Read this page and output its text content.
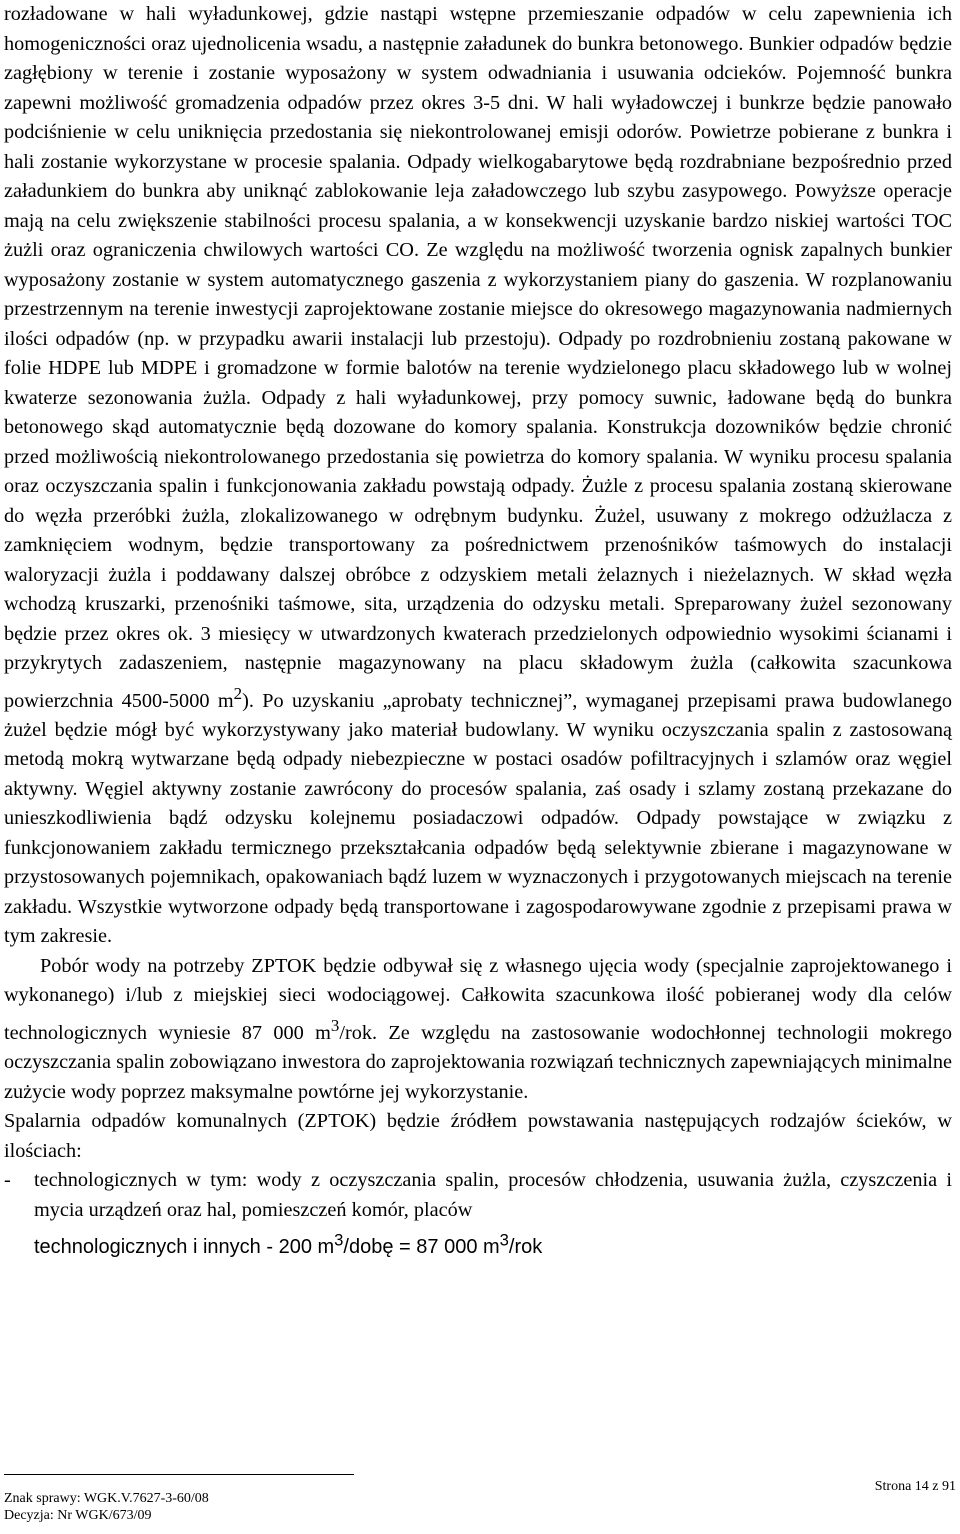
rozładowane w hali wyładunkowej, gdzie nastąpi wstępne przemieszanie odpadów w celu zapewnienia ich homogeniczności oraz ujednolicenia wsadu, a następnie załadunek do bunkra betonowego. Bunkier odpadów będzie zagłębiony w terenie i zostanie wyposażony w system odwadniania i usuwania odcieków. Pojemność bunkra zapewni możliwość gromadzenia odpadów przez okres 3-5 dni. W hali wyładowczej i bunkrze będzie panowało podciśnienie w celu uniknięcia przedostania się niekontrolowanej emisji odorów. Powietrze pobierane z bunkra i hali zostanie wykorzystane w procesie spalania. Odpady wielkogabarytowe będą rozdrabniane bezpośrednio przed załadunkiem do bunkra aby uniknąć zablokowanie leja załadowczego lub szybu zasypowego. Powyższe operacje mają na celu zwiększenie stabilności procesu spalania, a w konsekwencji uzyskanie bardzo niskiej wartości TOC żużli oraz ograniczenia chwilowych wartości CO. Ze względu na możliwość tworzenia ognisk zapalnych bunkier wyposażony zostanie w system automatycznego gaszenia z wykorzystaniem piany do gaszenia. W rozplanowaniu przestrzennym na terenie inwestycji zaprojektowane zostanie miejsce do okresowego magazynowania nadmiernych ilości odpadów (np. w przypadku awarii instalacji lub przestoju). Odpady po rozdrobnieniu zostaną pakowane w folie HDPE lub MDPE i gromadzone w formie balotów na terenie wydzielonego placu składowego lub w wolnej kwaterze sezonowania żużla. Odpady z hali wyładunkowej, przy pomocy suwnic, ładowane będą do bunkra betonowego skąd automatycznie będą dozowane do komory spalania. Konstrukcja dozowników będzie chronić przed możliwością niekontrolowanego przedostania się powietrza do komory spalania. W wyniku procesu spalania oraz oczyszczania spalin i funkcjonowania zakładu powstają odpady. Żużle z procesu spalania zostaną skierowane do węzła przeróbki żużla, zlokalizowanego w odrębnym budynku. Żużel, usuwany z mokrego odżużlacza z zamknięciem wodnym, będzie transportowany za pośrednictwem przenośników taśmowych do instalacji waloryzacji żużla i poddawany dalszej obróbce z odzyskiem metali żelaznych i nieżelaznych. W skład węzła wchodzą kruszarki, przenośniki taśmowe, sita, urządzenia do odzysku metali. Spreparowany żużel sezonowany będzie przez okres ok. 3 miesięcy w utwardzonych kwaterach przedzielonych odpowiednio wysokimi ścianami i przykrytych zadaszeniem, następnie magazynowany na placu składowym żużla (całkowita szacunkowa powierzchnia 4500-5000 $m^2$). Po uzyskaniu „aprobaty technicznej”, wymaganej przepisami prawa budowlanego żużel będzie mógł być wykorzystywany jako materiał budowlany. W wyniku oczyszczania spalin z zastosowaną metodą mokrą wytwarzane będą odpady niebezpieczne w postaci osadów pofiltracyjnych i szlamów oraz węgiel aktywny. Węgiel aktywny zostanie zawrócony do procesów spalania, zaś osady i szlamy zostaną przekazane do unieszkodliwienia bądź odzysku kolejnemu posiadaczowi odpadów. Odpady powstające w związku z funkcjonowaniem zakładu termicznego przekształcania odpadów będą selektywnie zbierane i magazynowane w przystosowanych pojemnikach, opakowaniach bądź luzem w wyznaczonych i przygotowanych miejscach na terenie zakładu. Wszystkie wytworzone odpady będą transportowane i zagospodarowywane zgodnie z przepisami prawa w tym zakresie.

Pobór wody na potrzeby ZPTOK będzie odbywał się z własnego ujęcia wody (specjalnie zaprojektowanego i wykonanego) i/lub z miejskiej sieci wodociągowej. Całkowita szacunkowa ilość pobieranej wody dla celów technologicznych wyniesie 87 000 $m^3$/rok. Ze względu na zastosowanie wodochłonnej technologii mokrego oczyszczania spalin zobowiązano inwestora do zaprojektowania rozwiązań technicznych zapewniających minimalne zużycie wody poprzez maksymalne powtórne jej wykorzystanie.

Spalarnia odpadów komunalnych (ZPTOK) będzie źródłem powstawania następujących rodzajów ścieków, w ilościach:

-	technologicznych w tym: wody z oczyszczania spalin, procesów chłodzenia, usuwania żużla, czyszczenia i mycia urządzeń oraz hal, pomieszczeń komór, placów
technologicznych i innych - 200 $m^3$/dobę = 87 000 $m^3$/rok
Strona 14 z 91
Znak sprawy: WGK.V.7627-3-60/08
Decyzja: Nr WGK/673/09
